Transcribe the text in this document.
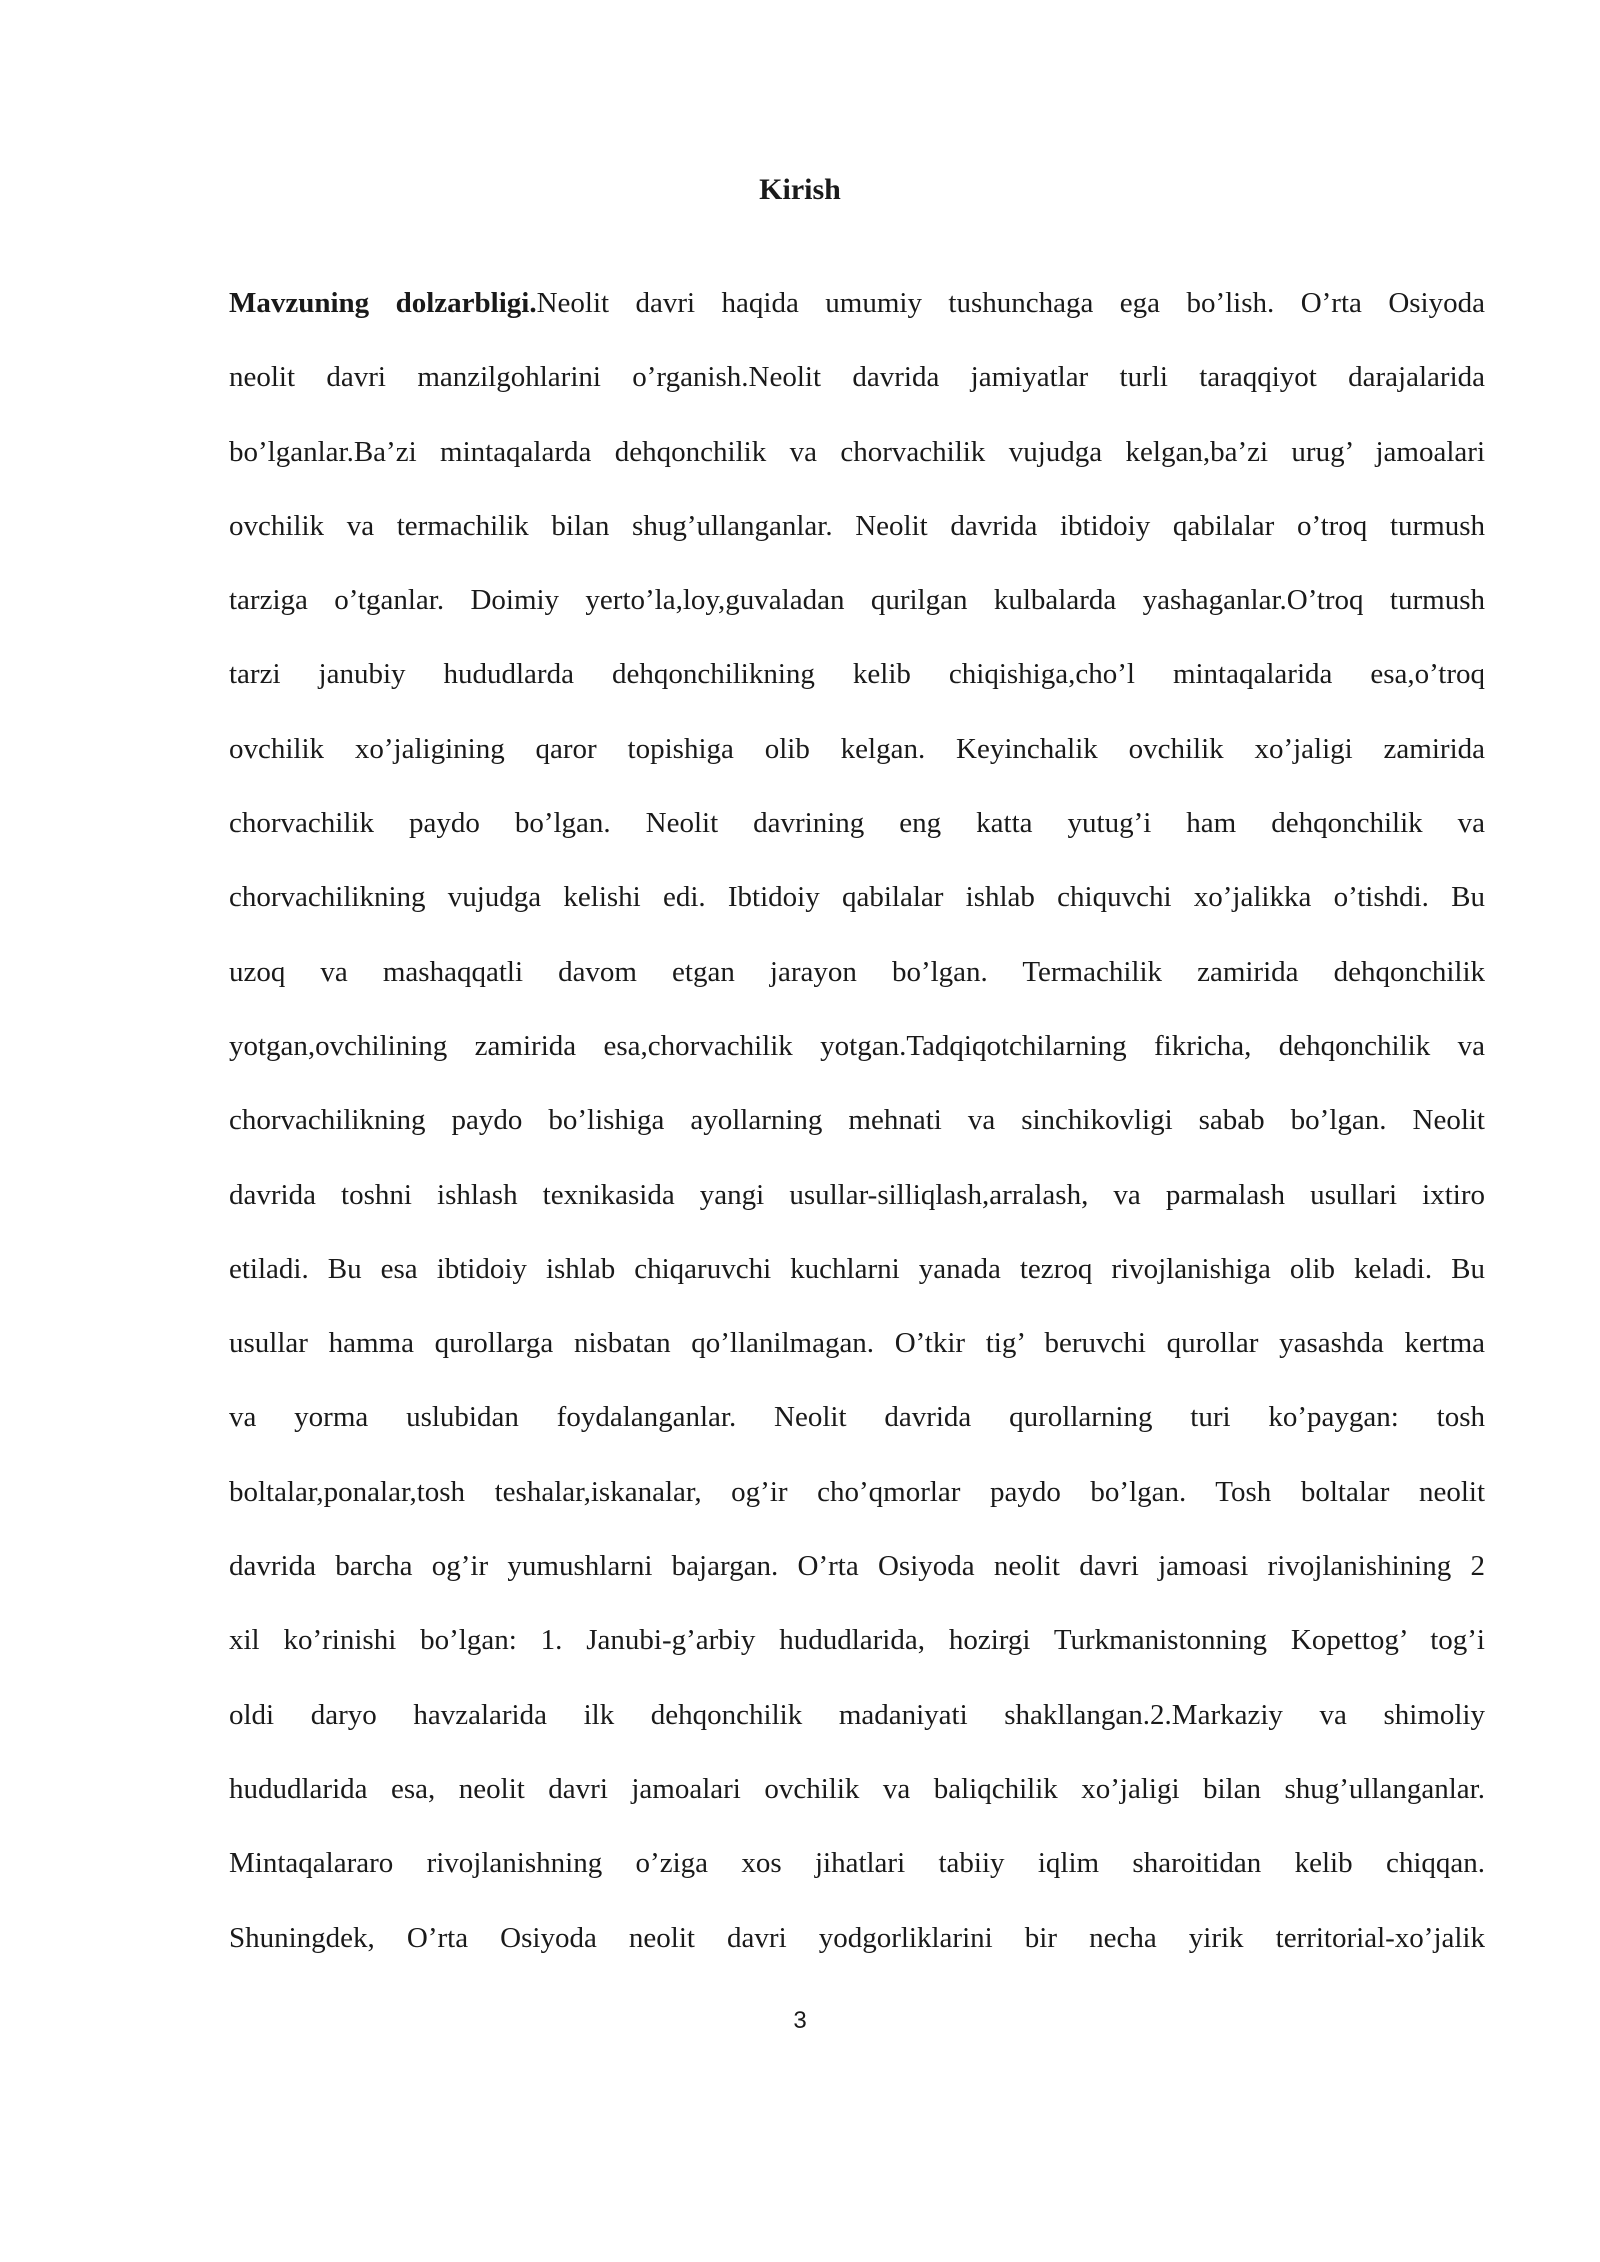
Kirish
Mavzuning dolzarbligi.Neolit davri haqida umumiy tushunchaga ega bo’lish. O’rta Osiyoda
neolit davri manzilgohlarini o’rganish.Neolit davrida jamiyatlar turli taraqqiyot darajalarida
bo’lganlar.Ba’zi mintaqalarda dehqonchilik va chorvachilik vujudga kelgan,ba’zi urug’ jamoalari
ovchilik va termachilik bilan shug’ullanganlar. Neolit davrida ibtidoiy qabilalar o’troq turmush
tarziga o’tganlar. Doimiy yerto’la,loy,guvaladan qurilgan kulbalarda yashaganlar.O’troq turmush
tarzi janubiy hududlarda dehqonchilikning kelib chiqishiga,cho’l mintaqalarida esa,o’troq
ovchilik xo’jaligining qaror topishiga olib kelgan. Keyinchalik ovchilik xo’jaligi zamirida
chorvachilik paydo bo’lgan. Neolit davrining eng katta yutug’i ham dehqonchilik va
chorvachilikning vujudga kelishi edi. Ibtidoiy qabilalar ishlab chiquvchi xo’jalikka o’tishdi. Bu
uzoq va mashaqqatli davom etgan jarayon bo’lgan. Termachilik zamirida dehqonchilik
yotgan,ovchilining zamirida esa,chorvachilik yotgan.Tadqiqotchilarning fikricha, dehqonchilik va
chorvachilikning paydo bo’lishiga ayollarning mehnati va sinchikovligi sabab bo’lgan. Neolit
davrida toshni ishlash texnikasida yangi usullar-silliqlash,arralash, va parmalash usullari ixtiro
etiladi. Bu esa ibtidoiy ishlab chiqaruvchi kuchlarni yanada tezroq rivojlanishiga olib keladi. Bu
usullar hamma qurollarga nisbatan qo’llanilmagan. O’tkir tig’ beruvchi qurollar yasashda kertma
va yorma uslubidan foydalanganlar. Neolit davrida qurollarning turi ko’paygan: tosh
boltalar,ponalar,tosh teshalar,iskanalar, og’ir cho’qmorlar paydo bo’lgan. Tosh boltalar neolit
davrida barcha og’ir yumushlarni bajargan. O’rta Osiyoda neolit davri jamoasi rivojlanishining 2
xil ko’rinishi bo’lgan: 1. Janubi-g’arbiy hududlarida, hozirgi Turkmanistonning Kopettog’ tog’i
oldi daryo havzalarida ilk dehqonchilik madaniyati shakllangan.2.Markaziy va shimoliy
hududlarida esa, neolit davri jamoalari ovchilik va baliqchilik xo’jaligi bilan shug’ullanganlar.
Mintaqalararo rivojlanishning o’ziga xos jihatlari tabiiy iqlim sharoitidan kelib chiqqan.
Shuningdek, O’rta Osiyoda neolit davri yodgorliklarini bir necha yirik territorial-xo’jalik
3
